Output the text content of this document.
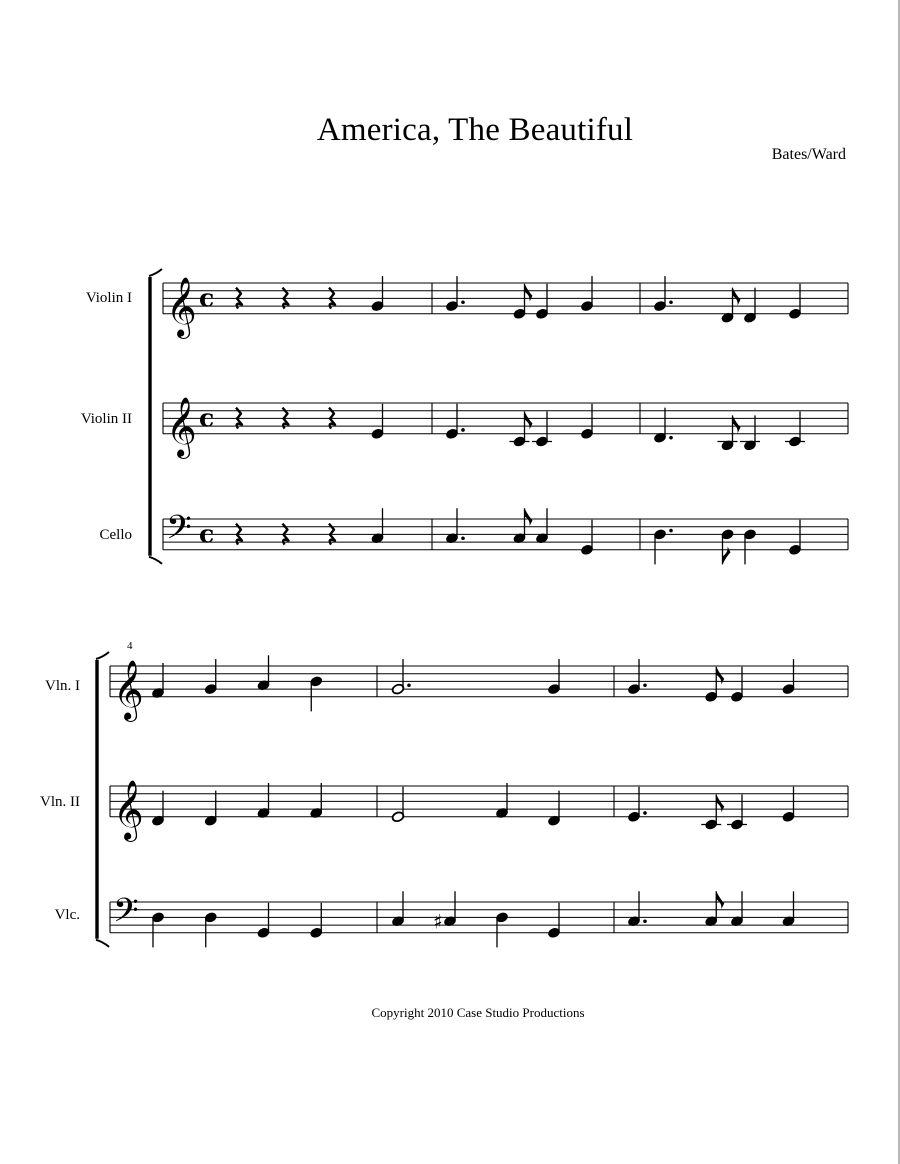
America, The Beautiful
Bates/Ward
Violin I
Violin II
Cello
Vln. I
Vln. II
Vlc.
4
𝄞 c
𝄞 c
𝄢 c
𝄞
𝄞
𝄢	♯
Copyright 2010 Case Studio Productions
